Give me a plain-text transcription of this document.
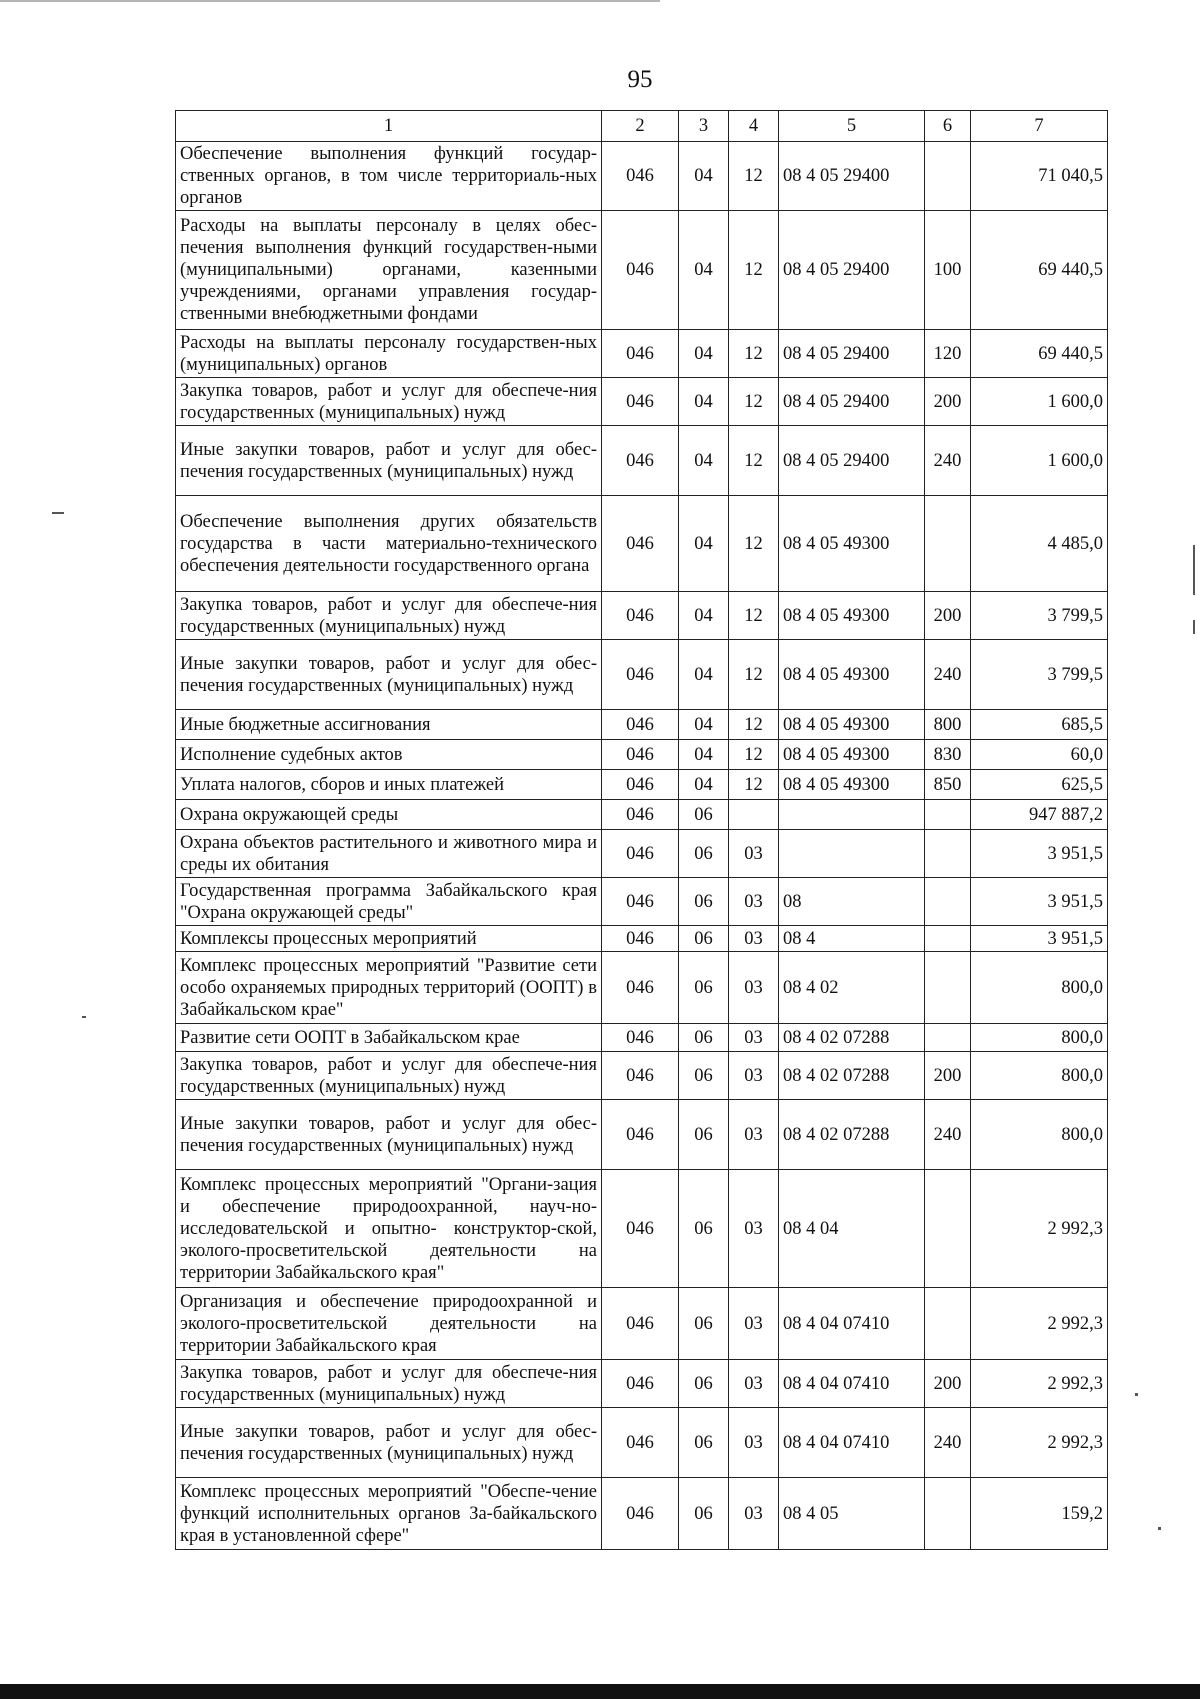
95
1	2	3	4	5	6	7
Обеспечение выполнения функций государ-ственных органов, в том числе территориаль-ных органов	046	04	12	08 4 05 29400		71 040,5
Расходы на выплаты персоналу в целях обес-печения выполнения функций государствен-ными (муниципальными) органами, казенными учреждениями, органами управления государ-ственными внебюджетными фондами	046	04	12	08 4 05 29400	100	69 440,5
Расходы на выплаты персоналу государствен-ных (муниципальных) органов	046	04	12	08 4 05 29400	120	69 440,5
Закупка товаров, работ и услуг для обеспече-ния государственных (муниципальных) нужд	046	04	12	08 4 05 29400	200	1 600,0
Иные закупки товаров, работ и услуг для обес-печения государственных (муниципальных) нужд	046	04	12	08 4 05 29400	240	1 600,0
Обеспечение выполнения других обязательств государства в части материально-технического обеспечения деятельности государственного органа	046	04	12	08 4 05 49300		4 485,0
Закупка товаров, работ и услуг для обеспече-ния государственных (муниципальных) нужд	046	04	12	08 4 05 49300	200	3 799,5
Иные закупки товаров, работ и услуг для обес-печения государственных (муниципальных) нужд	046	04	12	08 4 05 49300	240	3 799,5
Иные бюджетные ассигнования	046	04	12	08 4 05 49300	800	685,5
Исполнение судебных актов	046	04	12	08 4 05 49300	830	60,0
Уплата налогов, сборов и иных платежей	046	04	12	08 4 05 49300	850	625,5
Охрана окружающей среды	046	06				947 887,2
Охрана объектов растительного и животного мира и среды их обитания	046	06	03			3 951,5
Государственная программа Забайкальского края "Охрана окружающей среды"	046	06	03	08		3 951,5
Комплексы процессных мероприятий	046	06	03	08 4		3 951,5
Комплекс процессных мероприятий "Развитие сети особо охраняемых природных территорий (ООПТ) в Забайкальском крае"	046	06	03	08 4 02		800,0
Развитие сети ООПТ в Забайкальском крае	046	06	03	08 4 02 07288		800,0
Закупка товаров, работ и услуг для обеспече-ния государственных (муниципальных) нужд	046	06	03	08 4 02 07288	200	800,0
Иные закупки товаров, работ и услуг для обес-печения государственных (муниципальных) нужд	046	06	03	08 4 02 07288	240	800,0
Комплекс процессных мероприятий "Органи-зация и обеспечение природоохранной, науч-но-исследовательской и опытно- конструктор-ской, эколого-просветительской деятельности на территории Забайкальского края"	046	06	03	08 4 04		2 992,3
Организация и обеспечение природоохранной и эколого-просветительской деятельности на территории Забайкальского края	046	06	03	08 4 04 07410		2 992,3
Закупка товаров, работ и услуг для обеспече-ния государственных (муниципальных) нужд	046	06	03	08 4 04 07410	200	2 992,3
Иные закупки товаров, работ и услуг для обес-печения государственных (муниципальных) нужд	046	06	03	08 4 04 07410	240	2 992,3
Комплекс процессных мероприятий "Обеспе-чение функций исполнительных органов За-байкальского края в установленной сфере"	046	06	03	08 4 05		159,2
